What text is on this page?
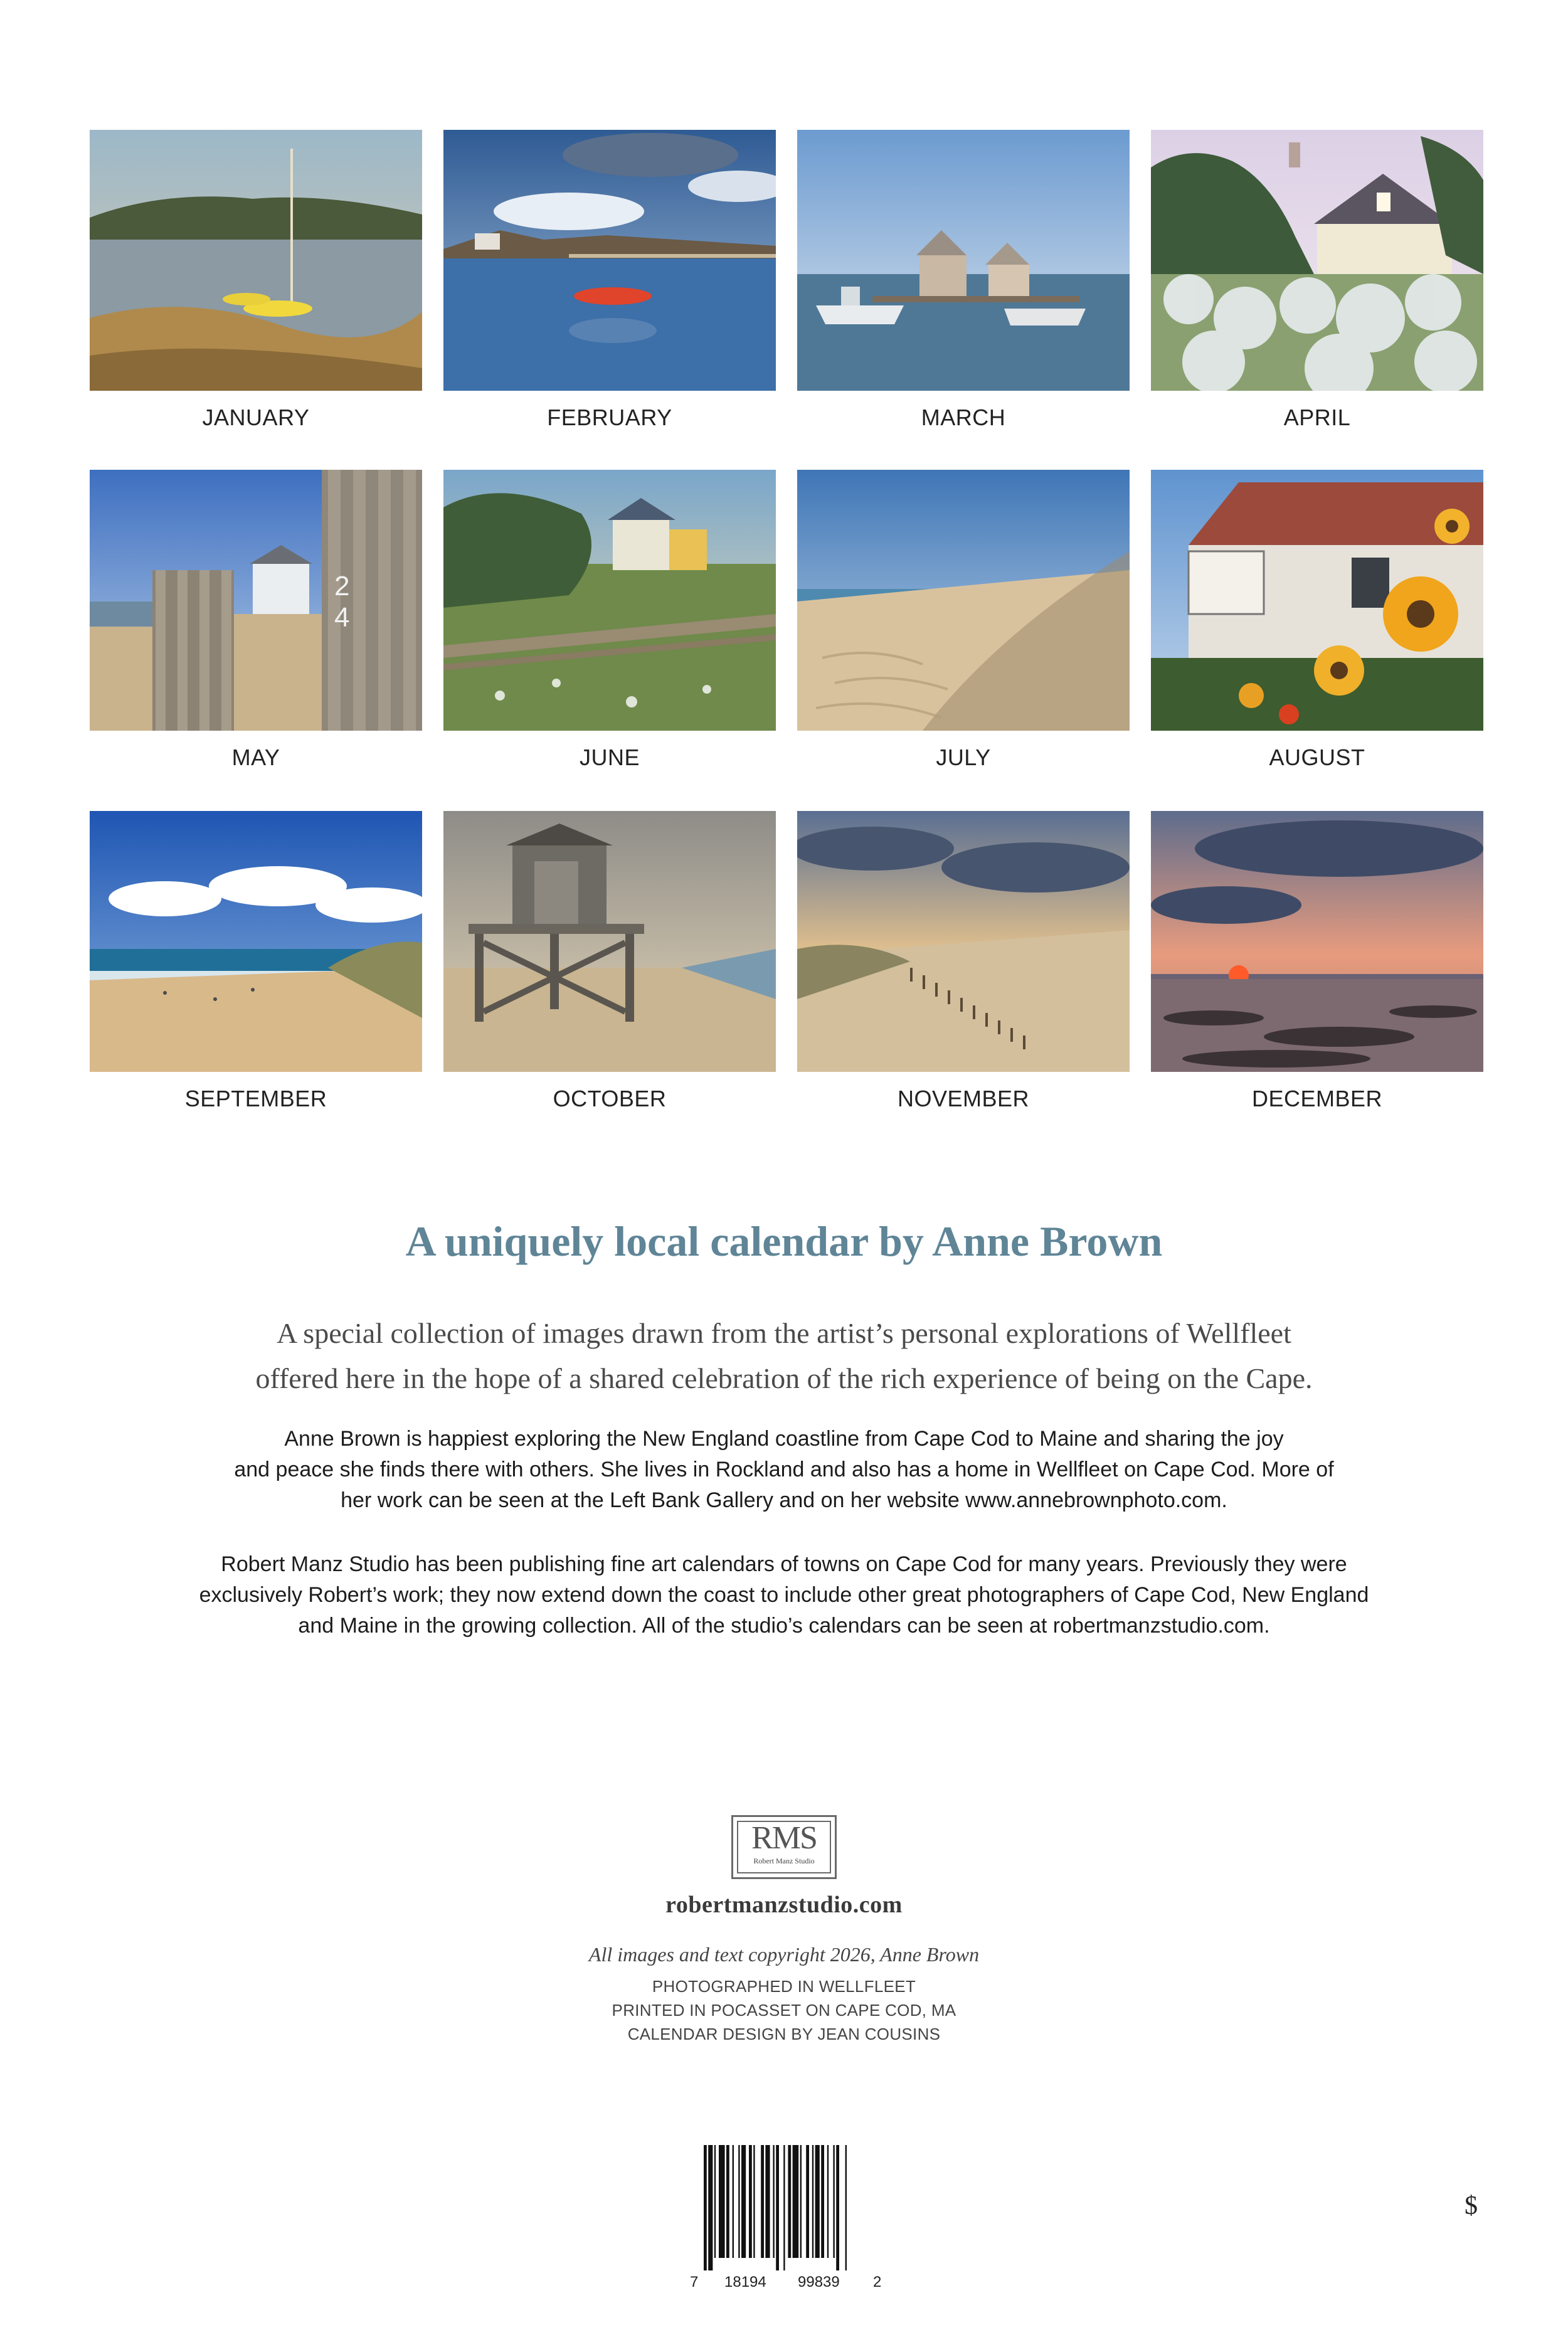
JANUARY	FEBRUARY	MARCH	APRIL
2
4
MAY	JUNE	JULY	AUGUST
SEPTEMBER	OCTOBER	NOVEMBER	DECEMBER
A uniquely local calendar by Anne Brown
A special collection of images drawn from the artist’s personal explorations of Wellfleet
offered here in the hope of a shared celebration of the rich experience of being on the Cape.
Anne Brown is happiest exploring the New England coastline from Cape Cod to Maine and sharing the joy
and peace she finds there with others. She lives in Rockland and also has a home in Wellfleet on Cape Cod. More of
her work can be seen at the Left Bank Gallery and on her website www.annebrownphoto.com.
Robert Manz Studio has been publishing fine art calendars of towns on Cape Cod for many years. Previously they were
exclusively Robert’s work; they now extend down the coast to include other great photographers of Cape Cod, New England
and Maine in the growing collection. All of the studio’s calendars can be seen at robertmanzstudio.com.
RMS
Robert Manz Studio
robertmanzstudio.com
All images and text copyright 2026, Anne Brown
PHOTOGRAPHED IN WELLFLEET
PRINTED IN POCASSET ON CAPE COD, MA
CALENDAR DESIGN BY JEAN COUSINS
7 18194 99839 2
$
